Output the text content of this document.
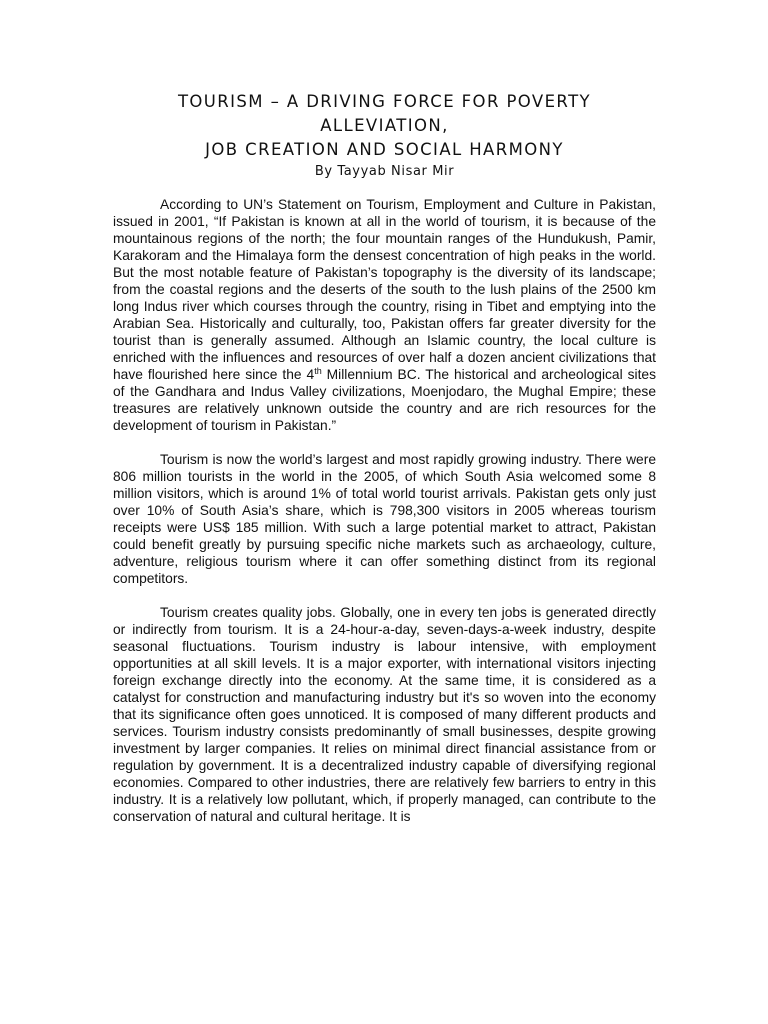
TOURISM – A DRIVING FORCE FOR POVERTY
ALLEVIATION,
JOB CREATION AND SOCIAL HARMONY

By Tayyab Nisar Mir

According to UN’s Statement on Tourism, Employment and Culture in Pakistan, issued in 2001, “If Pakistan is known at all in the world of tourism, it is because of the mountainous regions of the north; the four mountain ranges of the Hundukush, Pamir, Karakoram and the Himalaya form the densest concentration of high peaks in the world. But the most notable feature of Pakistan’s topography is the diversity of its landscape; from the coastal regions and the deserts of the south to the lush plains of the 2500 km long Indus river which courses through the country, rising in Tibet and emptying into the Arabian Sea. Historically and culturally, too, Pakistan offers far greater diversity for the tourist than is generally assumed. Although an Islamic country, the local culture is enriched with the influences and resources of over half a dozen ancient civilizations that have flourished here since the 4th Millennium BC. The historical and archeological sites of the Gandhara and Indus Valley civilizations, Moenjodaro, the Mughal Empire; these treasures are relatively unknown outside the country and are rich resources for the development of tourism in Pakistan.”

Tourism is now the world’s largest and most rapidly growing industry. There were 806 million tourists in the world in the 2005, of which South Asia welcomed some 8 million visitors, which is around 1% of total world tourist arrivals. Pakistan gets only just over 10% of South Asia’s share, which is 798,300 visitors in 2005 whereas tourism receipts were US$ 185 million. With such a large potential market to attract, Pakistan could benefit greatly by pursuing specific niche markets such as archaeology, culture, adventure, religious tourism where it can offer something distinct from its regional competitors.

Tourism creates quality jobs. Globally, one in every ten jobs is generated directly or indirectly from tourism. It is a 24-hour-a-day, seven-days-a-week industry, despite seasonal fluctuations. Tourism industry is labour intensive, with employment opportunities at all skill levels. It is a major exporter, with international visitors injecting foreign exchange directly into the economy. At the same time, it is considered as a catalyst for construction and manufacturing industry but it's so woven into the economy that its significance often goes unnoticed. It is composed of many different products and services. Tourism industry consists predominantly of small businesses, despite growing investment by larger companies. It relies on minimal direct financial assistance from or regulation by government. It is a decentralized industry capable of diversifying regional economies. Compared to other industries, there are relatively few barriers to entry in this industry. It is a relatively low pollutant, which, if properly managed, can contribute to the conservation of natural and cultural heritage. It is
